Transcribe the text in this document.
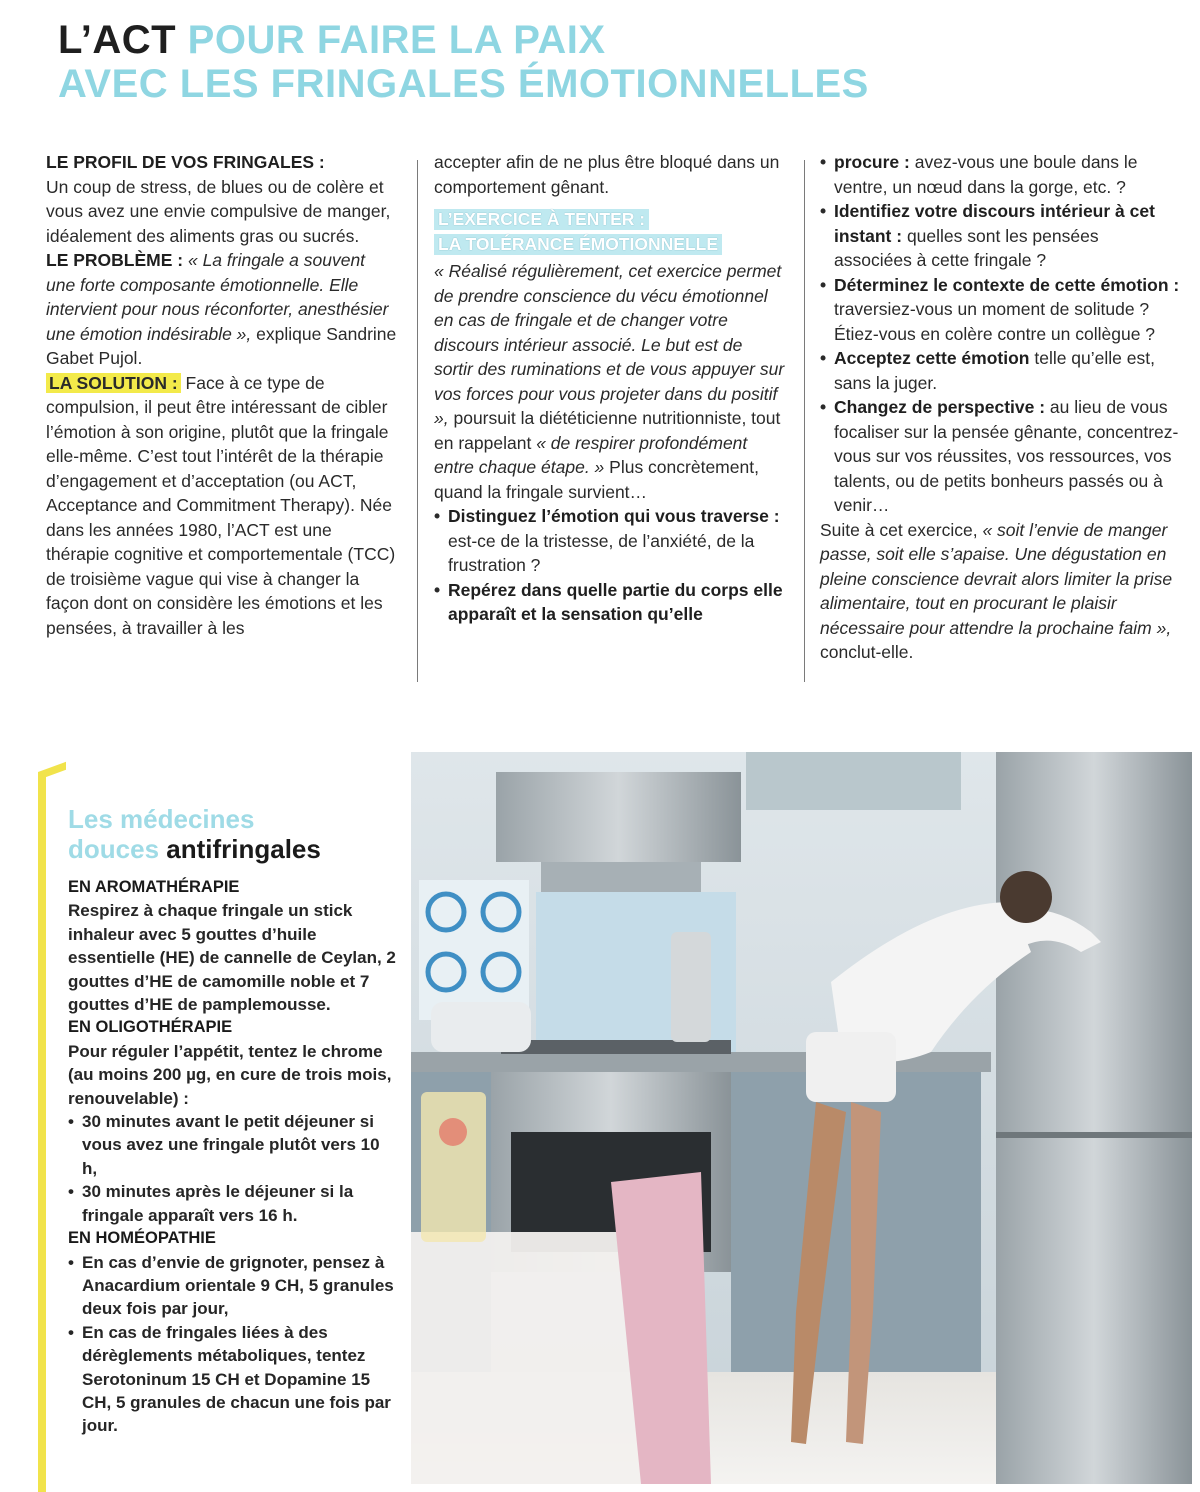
L’ACT POUR FAIRE LA PAIX
AVEC LES FRINGALES ÉMOTIONNELLES

LE PROFIL DE VOS FRINGALES :
Un coup de stress, de blues ou de colère et vous avez une envie compulsive de manger, idéalement des aliments gras ou sucrés.

LE PROBLÈME : « La fringale a souvent une forte composante émotionnelle. Elle intervient pour nous réconforter, anesthésier une émotion indésirable », explique Sandrine Gabet Pujol.

LA SOLUTION : Face à ce type de compulsion, il peut être intéressant de cibler l’émotion à son origine, plutôt que la fringale elle-même. C’est tout l’intérêt de la thérapie d’engagement et d’acceptation (ou ACT, Acceptance and Commitment Therapy). Née dans les années 1980, l’ACT est une thérapie cognitive et comportementale (TCC) de troisième vague qui vise à changer la façon dont on considère les émotions et les pensées, à travailler à les

accepter afin de ne plus être bloqué dans un comportement gênant.

L’EXERCICE À TENTER :
LA TOLÉRANCE ÉMOTIONNELLE

« Réalisé régulièrement, cet exercice permet de prendre conscience du vécu émotionnel en cas de fringale et de changer votre discours intérieur associé. Le but est de sortir des ruminations et de vous appuyer sur vos forces pour vous projeter dans du positif », poursuit la diététicienne nutritionniste, tout en rappelant « de respirer profondément entre chaque étape. » Plus concrètement, quand la fringale survient…

• Distinguez l’émotion qui vous traverse : est-ce de la tristesse, de l’anxiété, de la frustration ?
• Repérez dans quelle partie du corps elle apparaît et la sensation qu’elle
• procure : avez-vous une boule dans le ventre, un nœud dans la gorge, etc. ?
• Identifiez votre discours intérieur à cet instant : quelles sont les pensées associées à cette fringale ?
• Déterminez le contexte de cette émotion : traversiez-vous un moment de solitude ? Étiez-vous en colère contre un collègue ?
• Acceptez cette émotion telle qu’elle est, sans la juger.
• Changez de perspective : au lieu de vous focaliser sur la pensée gênante, concentrez-vous sur vos réussites, vos ressources, vos talents, ou de petits bonheurs passés ou à venir…

Suite à cet exercice, « soit l’envie de manger passe, soit elle s’apaise. Une dégustation en pleine conscience devrait alors limiter la prise alimentaire, tout en procurant le plaisir nécessaire pour attendre la prochaine faim », conclut-elle.

Les médecines
douces antifringales
EN AROMATHÉRAPIE

Respirez à chaque fringale un stick inhaleur avec 5 gouttes d’huile essentielle (HE) de cannelle de Ceylan, 2 gouttes d’HE de camomille noble et 7 gouttes d’HE de pamplemousse.

EN OLIGOTHÉRAPIE

Pour réguler l’appétit, tentez le chrome (au moins 200 µg, en cure de trois mois, renouvelable) :

• 30 minutes avant le petit déjeuner si vous avez une fringale plutôt vers 10 h,
• 30 minutes après le déjeuner si la fringale apparaît vers 16 h.
EN HOMÉOPATHIE
• En cas d’envie de grignoter, pensez à Anacardium orientale 9 CH, 5 granules deux fois par jour,
• En cas de fringales liées à des dérèglements métaboliques, tentez Serotoninum 15 CH et Dopamine 15 CH, 5 granules de chacun une fois par jour.
